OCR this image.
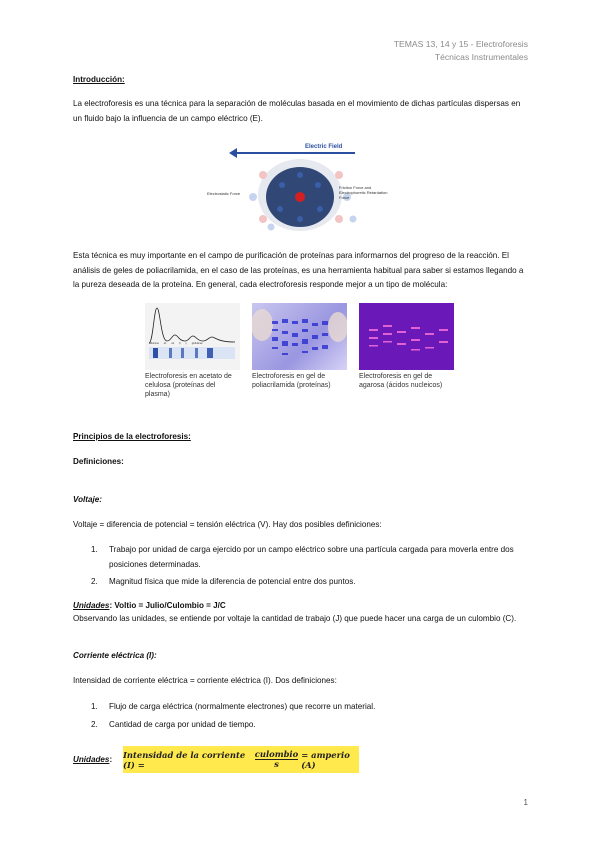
TEMAS 13, 14 y 15 - Electroforesis
Técnicas Instrumentales
Introducción:
La electroforesis es una técnica para la separación de moléculas basada en el movimiento de dichas partículas dispersas en un fluido bajo la influencia de un campo eléctrico (E).
Electric Field
Electrostatic Force
Friction Force and Electrophoretic Retardation Force
Esta técnica es muy importante en el campo de purificación de proteínas para informarnos del progreso de la reacción. El análisis de geles de poliacrilamida, en el caso de las proteínas, es una herramienta habitual para saber si estamos llegando a la pureza deseada de la proteína. En general, cada electroforesis responde mejor a un tipo de molécula:
albúmina α1 α2 β γ globulinas
Electroforesis en acetato de celulosa (proteínas del plasma)
Electroforesis en gel de poliacrilamida (proteínas)
Electroforesis en gel de agarosa (ácidos nucleicos)
Principios de la electroforesis:
Definiciones:
Voltaje:
Voltaje = diferencia de potencial = tensión eléctrica (V). Hay dos posibles definiciones:
1. Trabajo por unidad de carga ejercido por un campo eléctrico sobre una partícula cargada para moverla entre dos posiciones determinadas.
2. Magnitud física que mide la diferencia de potencial entre dos puntos.
Unidades: Voltio = Julio/Culombio = J/C
Observando las unidades, se entiende por voltaje la cantidad de trabajo (J) que puede hacer una carga de un culombio (C).
Corriente eléctrica (I):
Intensidad de corriente eléctrica = corriente eléctrica (I). Dos definiciones:
1. Flujo de carga eléctrica (normalmente electrones) que recorre un material.
2. Cantidad de carga por unidad de tiempo.
Unidades: Intensidad de la corriente (I) =	$\frac{\text{culombio}}{s}$ = amperio (A)
1
